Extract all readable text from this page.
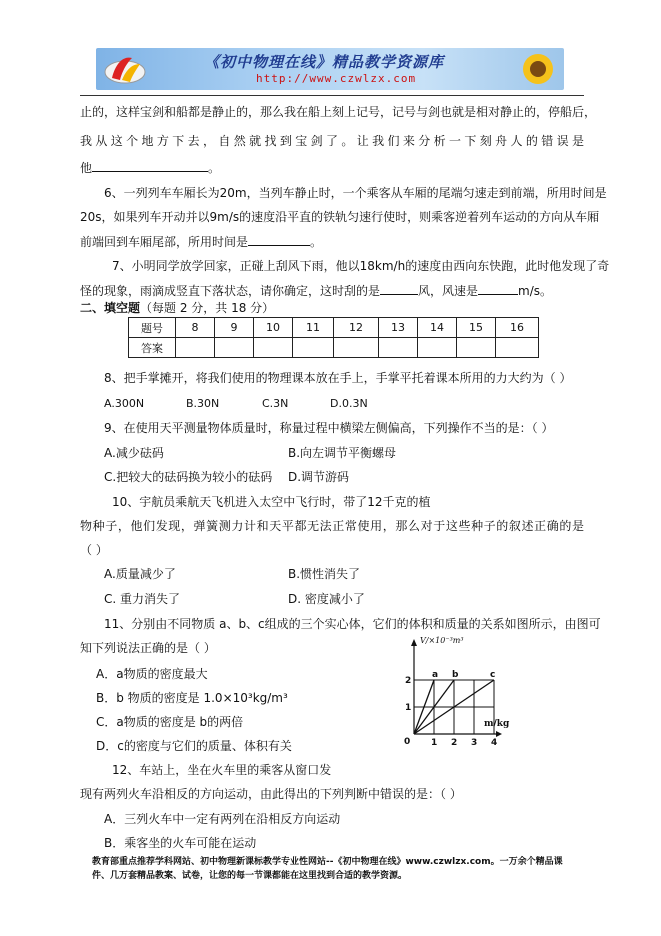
《初中物理在线》精品教学资源库
http://www.czwlzx.com
止的，这样宝剑和船都是静止的，那么我在船上刻上记号，记号与剑也就是相对静止的，停船后，
我从这个地方下去，自然就找到宝剑了。让我们来分析一下刻舟人的错误是
他	。
6、一列列车车厢长为20m，当列车静止时，一个乘客从车厢的尾端匀速走到前端，所用时间是
20s，如果列车开动并以9m/s的速度沿平直的铁轨匀速行使时，则乘客逆着列车运动的方向从车厢
前端回到车厢尾部，所用时间是	。
7、小明同学放学回家，正碰上刮风下雨，他以18km/h的速度由西向东快跑，此时他发现了奇
怪的现象，雨滴成竖直下落状态，请你确定，这时刮的是	风，风速是	m/s。
二、填空题（每题 2 分，共 18 分）
题号	8	9	10	11	12	13	14	15	16
答案									
8、把手掌摊开，将我们使用的物理课本放在手上，手掌平托着课本所用的力大约为（ ）
A.300N	B.30N	C.3N	D.0.3N
9、在使用天平测量物体质量时，称量过程中横梁左侧偏高，下列操作不当的是：（ ）
A.减少砝码	B.向左调节平衡螺母
C.把较大的砝码换为较小的砝码 D.调节游码
10、宇航员乘航天飞机进入太空中飞行时，带了12千克的植
物种子，他们发现，弹簧测力计和天平都无法正常使用，那么对于这些种子的叙述正确的是
（ ）
A.质量减少了	B.惯性消失了
C. 重力消失了	D. 密度减小了
11、分别由不同物质 a、b、c组成的三个实心体，它们的体积和质量的关系如图所示，由图可
知下列说法正确的是（ ）
A．a物质的密度最大
B．b 物质的密度是 1.0×10³kg/m³
C．a物质的密度是 b的两倍
D．c的密度与它们的质量、体积有关
V/×10⁻³m³
m/kg
0 1 2 3 4
1
2
a b	c
12、车站上，坐在火车里的乘客从窗口发
现有两列火车沿相反的方向运动，由此得出的下列判断中错误的是：（ ）
A．三列火车中一定有两列在沿相反方向运动
B．乘客坐的火车可能在运动
教育部重点推荐学科网站、初中物理新课标教学专业性网站--《初中物理在线》www.czwlzx.com。一万余个精品课件、几万套精品教案、试卷，让您的每一节课都能在这里找到合适的教学资源。
